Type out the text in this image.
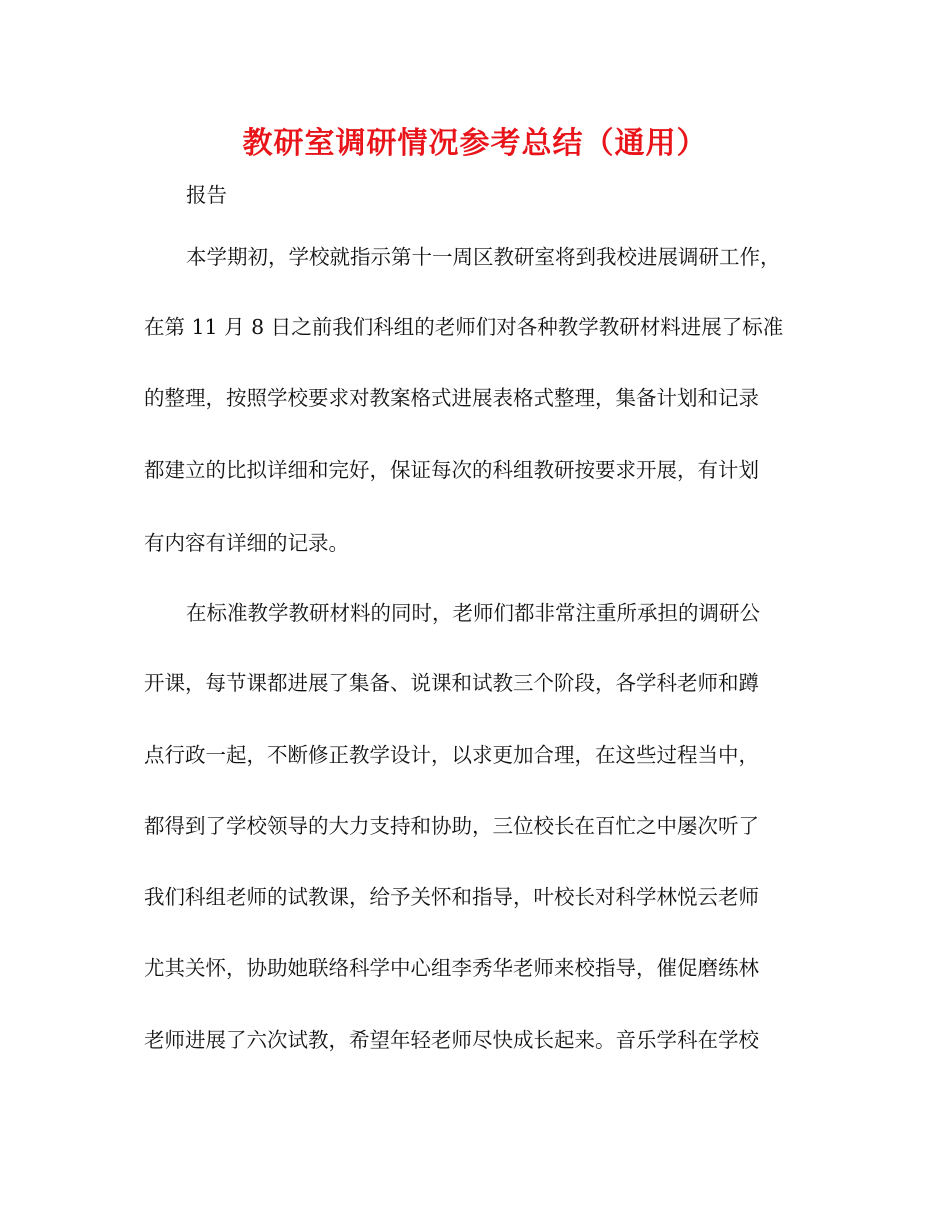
教研室调研情况参考总结（通用）
报告
本学期初，学校就指示第十一周区教研室将到我校进展调研工作，
在第 11 月 8 日之前我们科组的老师们对各种教学教研材料进展了标准
的整理，按照学校要求对教案格式进展表格式整理，集备计划和记录
都建立的比拟详细和完好，保证每次的科组教研按要求开展，有计划
有内容有详细的记录。
在标准教学教研材料的同时，老师们都非常注重所承担的调研公
开课，每节课都进展了集备、说课和试教三个阶段，各学科老师和蹲
点行政一起，不断修正教学设计，以求更加合理，在这些过程当中，
都得到了学校领导的大力支持和协助，三位校长在百忙之中屡次听了
我们科组老师的试教课，给予关怀和指导，叶校长对科学林悦云老师
尤其关怀，协助她联络科学中心组李秀华老师来校指导，催促磨练林
老师进展了六次试教，希望年轻老师尽快成长起来。音乐学科在学校
